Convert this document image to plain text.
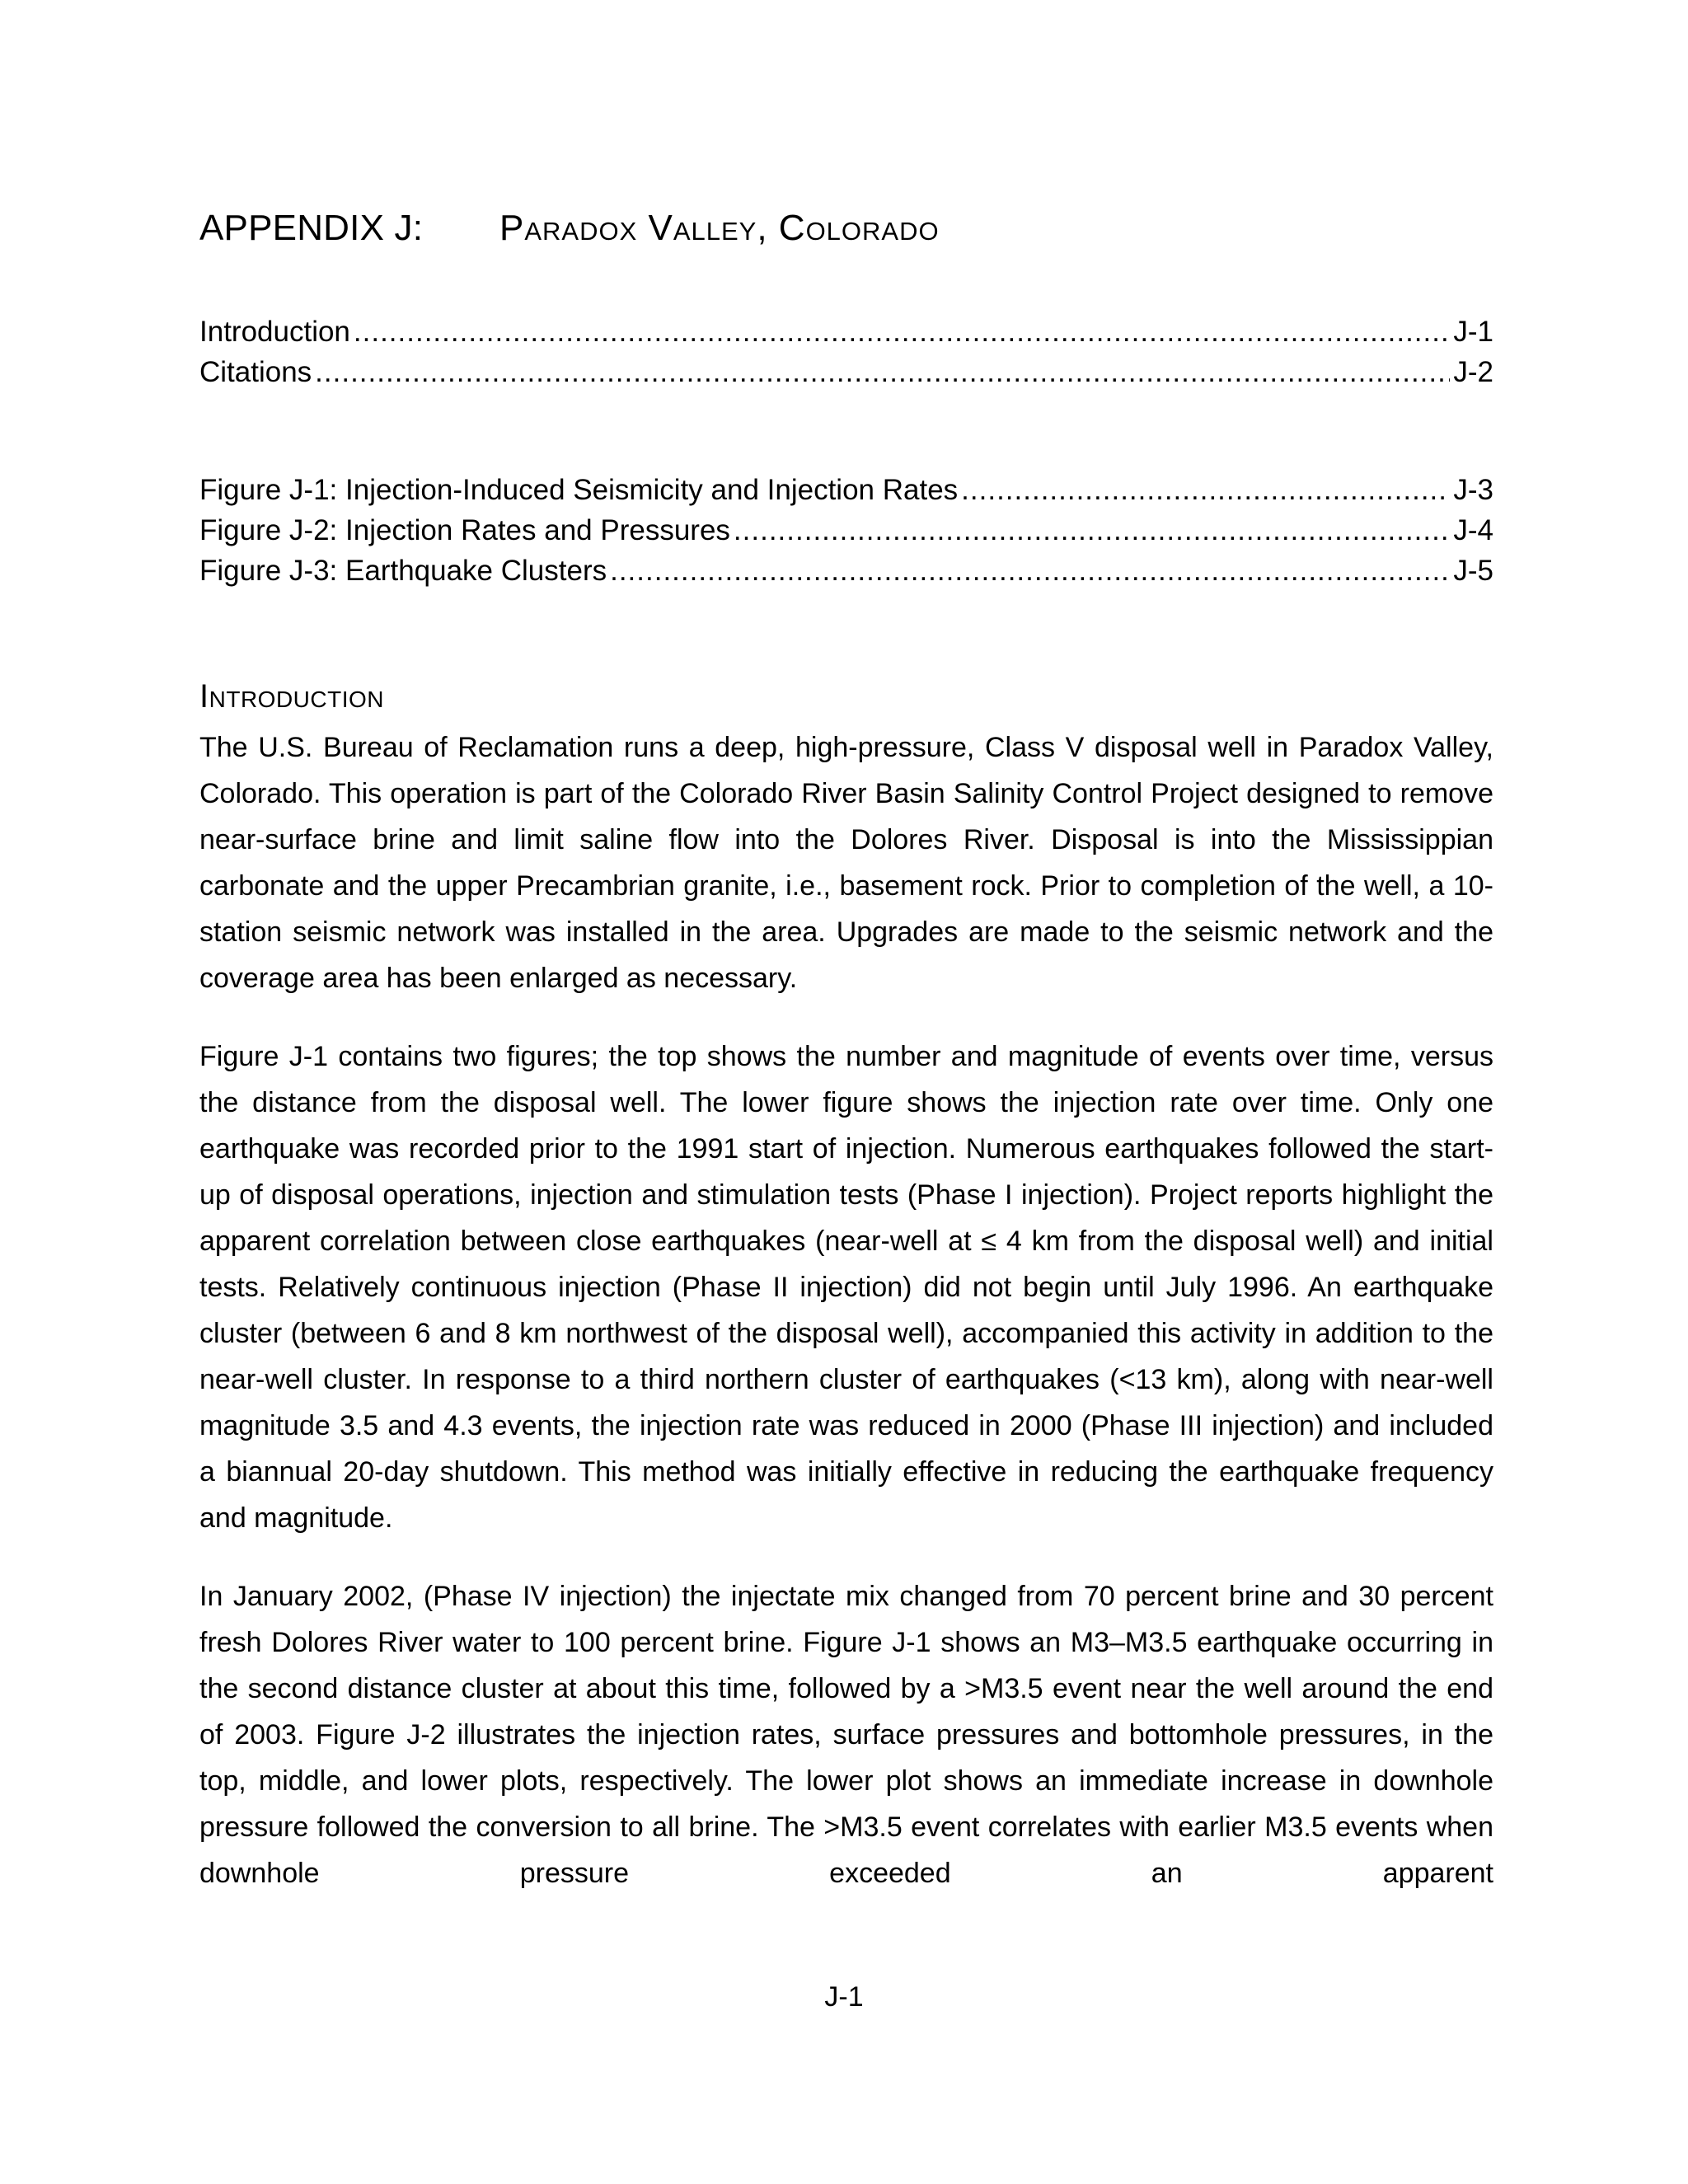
APPENDIX J:	Paradox Valley, Colorado
Introduction .....	J-1
Citations .....	J-2
Figure J-1: Injection-Induced Seismicity and Injection Rates .....	J-3
Figure J-2: Injection Rates and Pressures .....	J-4
Figure J-3: Earthquake Clusters .....	J-5
Introduction

The U.S. Bureau of Reclamation runs a deep, high-pressure, Class V disposal well in Paradox Valley, Colorado. This operation is part of the Colorado River Basin Salinity Control Project designed to remove near-surface brine and limit saline flow into the Dolores River. Disposal is into the Mississippian carbonate and the upper Precambrian granite, i.e., basement rock. Prior to completion of the well, a 10-station seismic network was installed in the area. Upgrades are made to the seismic network and the coverage area has been enlarged as necessary.

Figure J-1 contains two figures; the top shows the number and magnitude of events over time, versus the distance from the disposal well. The lower figure shows the injection rate over time. Only one earthquake was recorded prior to the 1991 start of injection. Numerous earthquakes followed the start-up of disposal operations, injection and stimulation tests (Phase I injection). Project reports highlight the apparent correlation between close earthquakes (near-well at ≤ 4 km from the disposal well) and initial tests. Relatively continuous injection (Phase II injection) did not begin until July 1996. An earthquake cluster (between 6 and 8 km northwest of the disposal well), accompanied this activity in addition to the near-well cluster. In response to a third northern cluster of earthquakes (<13 km), along with near-well magnitude 3.5 and 4.3 events, the injection rate was reduced in 2000 (Phase III injection) and included a biannual 20-day shutdown. This method was initially effective in reducing the earthquake frequency and magnitude.

In January 2002, (Phase IV injection) the injectate mix changed from 70 percent brine and 30 percent fresh Dolores River water to 100 percent brine. Figure J-1 shows an M3–M3.5 earthquake occurring in the second distance cluster at about this time, followed by a >M3.5 event near the well around the end of 2003. Figure J-2 illustrates the injection rates, surface pressures and bottomhole pressures, in the top, middle, and lower plots, respectively. The lower plot shows an immediate increase in downhole pressure followed the conversion to all brine. The >M3.5 event correlates with earlier M3.5 events when downhole pressure exceeded an apparent

J-1
